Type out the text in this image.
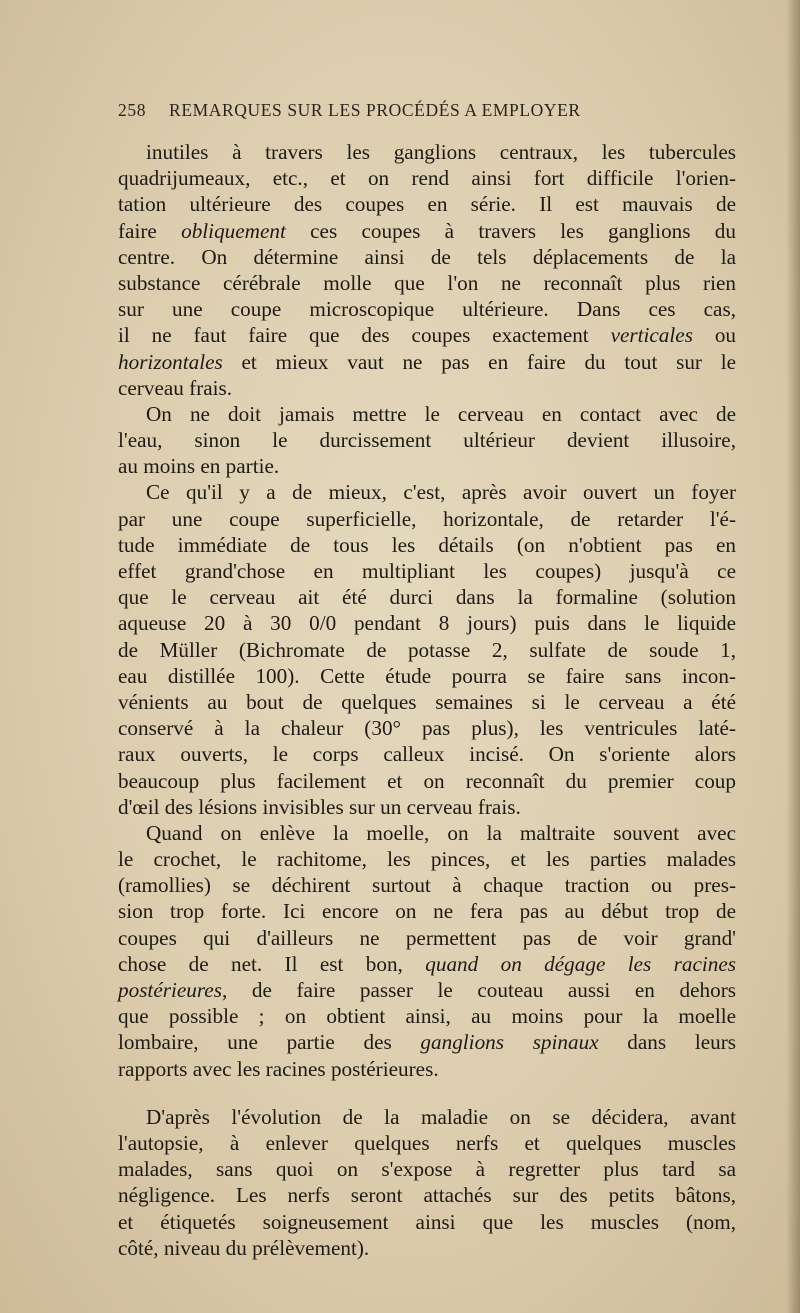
258 REMARQUES SUR LES PROCÉDÉS A EMPLOYER
inutiles à travers les ganglions centraux, les tubercules
quadrijumeaux, etc., et on rend ainsi fort difficile l'orien-
tation ultérieure des coupes en série. Il est mauvais de
faire obliquement ces coupes à travers les ganglions du
centre. On détermine ainsi de tels déplacements de la
substance cérébrale molle que l'on ne reconnaît plus rien
sur une coupe microscopique ultérieure. Dans ces cas,
il ne faut faire que des coupes exactement verticales ou
horizontales et mieux vaut ne pas en faire du tout sur le
cerveau frais.
On ne doit jamais mettre le cerveau en contact avec de
l'eau, sinon le durcissement ultérieur devient illusoire,
au moins en partie.
Ce qu'il y a de mieux, c'est, après avoir ouvert un foyer
par une coupe superficielle, horizontale, de retarder l'é-
tude immédiate de tous les détails (on n'obtient pas en
effet grand'chose en multipliant les coupes) jusqu'à ce
que le cerveau ait été durci dans la formaline (solution
aqueuse 20 à 30 0/0 pendant 8 jours) puis dans le liquide
de Müller (Bichromate de potasse 2, sulfate de soude 1,
eau distillée 100). Cette étude pourra se faire sans incon-
vénients au bout de quelques semaines si le cerveau a été
conservé à la chaleur (30° pas plus), les ventricules laté-
raux ouverts, le corps calleux incisé. On s'oriente alors
beaucoup plus facilement et on reconnaît du premier coup
d'œil des lésions invisibles sur un cerveau frais.
Quand on enlève la moelle, on la maltraite souvent avec
le crochet, le rachitome, les pinces, et les parties malades
(ramollies) se déchirent surtout à chaque traction ou pres-
sion trop forte. Ici encore on ne fera pas au début trop de
coupes qui d'ailleurs ne permettent pas de voir grand'
chose de net. Il est bon, quand on dégage les racines
postérieures, de faire passer le couteau aussi en dehors
que possible ; on obtient ainsi, au moins pour la moelle
lombaire, une partie des ganglions spinaux dans leurs
rapports avec les racines postérieures.
D'après l'évolution de la maladie on se décidera, avant
l'autopsie, à enlever quelques nerfs et quelques muscles
malades, sans quoi on s'expose à regretter plus tard sa
négligence. Les nerfs seront attachés sur des petits bâtons,
et étiquetés soigneusement ainsi que les muscles (nom,
côté, niveau du prélèvement).
